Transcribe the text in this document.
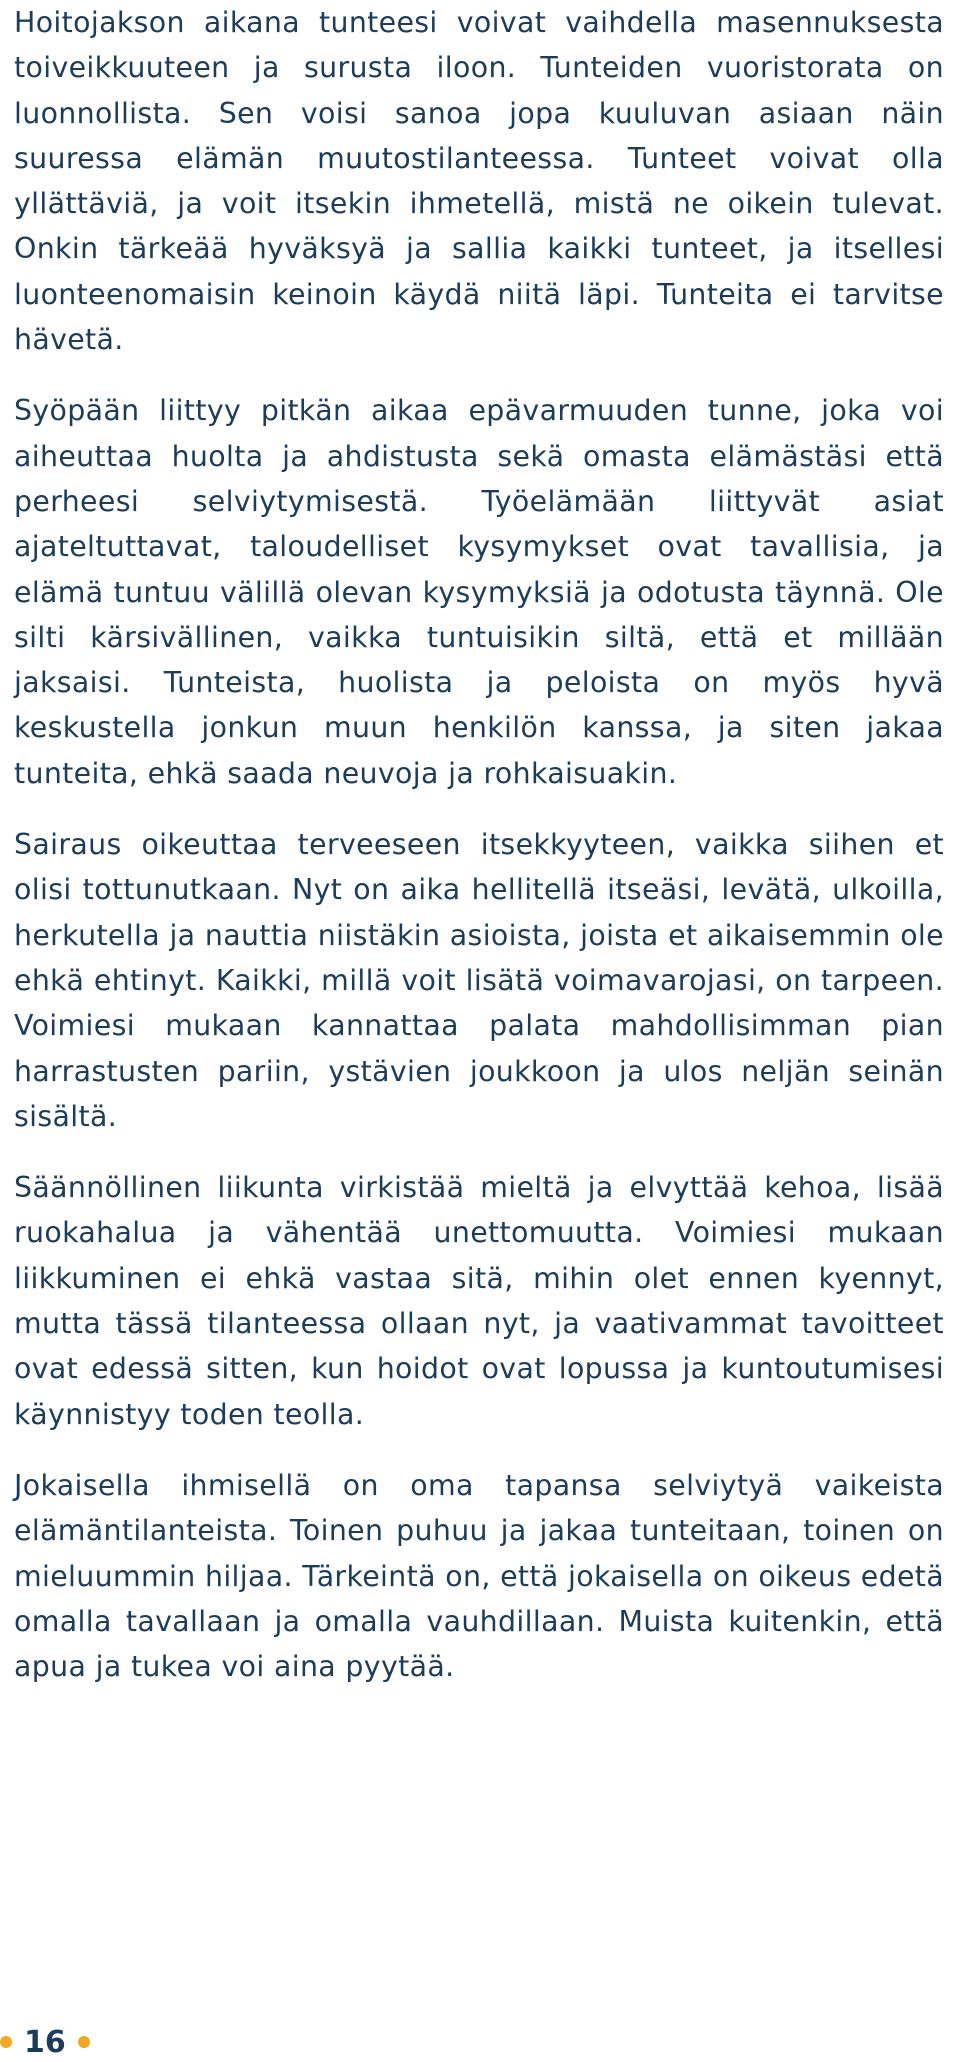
Hoitojakson aikana tunteesi voivat vaihdella masennuksesta toiveikkuuteen ja surusta iloon. Tunteiden vuoristorata on luonnollista. Sen voisi sanoa jopa kuuluvan asiaan näin suuressa elämän muutostilanteessa. Tunteet voivat olla yllättäviä, ja voit itsekin ihmetellä, mistä ne oikein tulevat. Onkin tärkeää hyväksyä ja sallia kaikki tunteet, ja itsellesi luonteenomaisin keinoin käydä niitä läpi. Tunteita ei tarvitse hävetä.

Syöpään liittyy pitkän aikaa epävarmuuden tunne, joka voi aiheuttaa huolta ja ahdistusta sekä omasta elämästäsi että perheesi selviytymisestä. Työelämään liittyvät asiat ajateltuttavat, taloudelliset kysymykset ovat tavallisia, ja elämä tuntuu välillä olevan kysymyksiä ja odotusta täynnä. Ole silti kärsivällinen, vaikka tuntuisikin siltä, että et millään jaksaisi. Tunteista, huolista ja peloista on myös hyvä keskustella jonkun muun henkilön kanssa, ja siten jakaa tunteita, ehkä saada neuvoja ja rohkaisuakin.

Sairaus oikeuttaa terveeseen itsekkyyteen, vaikka siihen et olisi tottunutkaan. Nyt on aika hellitellä itseäsi, levätä, ulkoilla, herkutella ja nauttia niistäkin asioista, joista et aikaisemmin ole ehkä ehtinyt. Kaikki, millä voit lisätä voimavarojasi, on tarpeen. Voimiesi mukaan kannattaa palata mahdollisimman pian harrastusten pariin, ystävien joukkoon ja ulos neljän seinän sisältä.

Säännöllinen liikunta virkistää mieltä ja elvyttää kehoa, lisää ruokahalua ja vähentää unettomuutta. Voimiesi mukaan liikkuminen ei ehkä vastaa sitä, mihin olet ennen kyennyt, mutta tässä tilanteessa ollaan nyt, ja vaativammat tavoitteet ovat edessä sitten, kun hoidot ovat lopussa ja kuntoutumisesi käynnistyy toden teolla.

Jokaisella ihmisellä on oma tapansa selviytyä vaikeista elämäntilanteista. Toinen puhuu ja jakaa tunteitaan, toinen on mieluummin hiljaa. Tärkeintä on, että jokaisella on oikeus edetä omalla tavallaan ja omalla vauhdillaan. Muista kuitenkin, että apua ja tukea voi aina pyytää.

16
